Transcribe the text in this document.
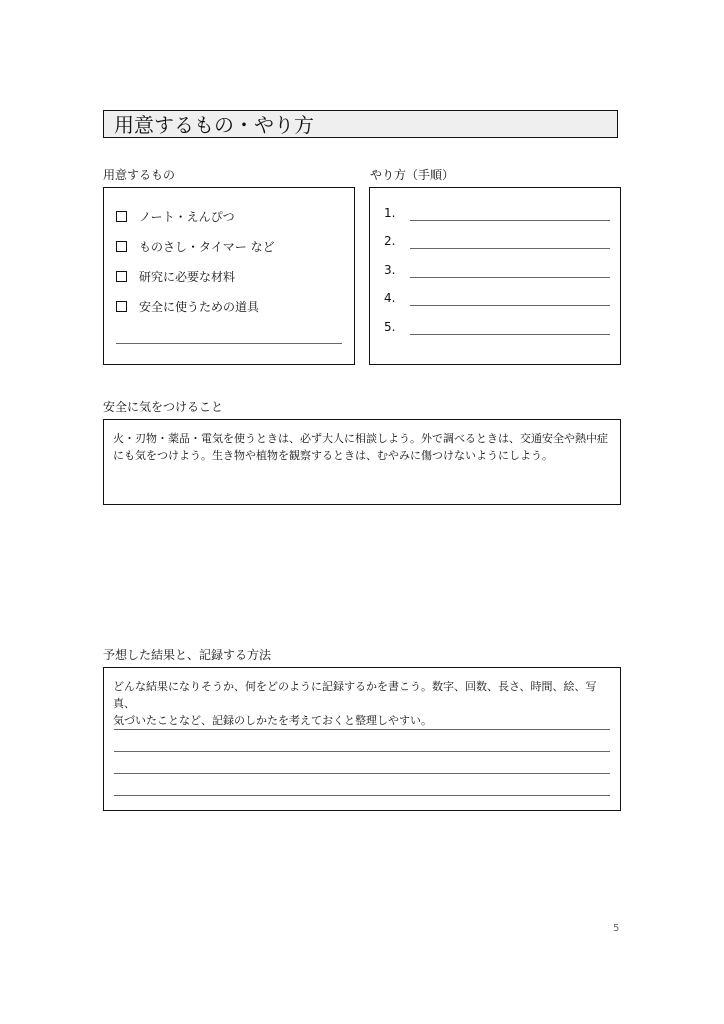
用意するもの・やり方
用意するもの
ノート・えんぴつ
ものさし・タイマー など
研究に必要な材料
安全に使うための道具
やり方（手順）
1.
2.
3.
4.
5.
安全に気をつけること
火・刃物・薬品・電気を使うときは、必ず大人に相談しよう。外で調べるときは、交通安全や熱中症
にも気をつけよう。生き物や植物を観察するときは、むやみに傷つけないようにしよう。
予想した結果と、記録する方法
どんな結果になりそうか、何をどのように記録するかを書こう。数字、回数、長さ、時間、絵、写真、
気づいたことなど、記録のしかたを考えておくと整理しやすい。
5
